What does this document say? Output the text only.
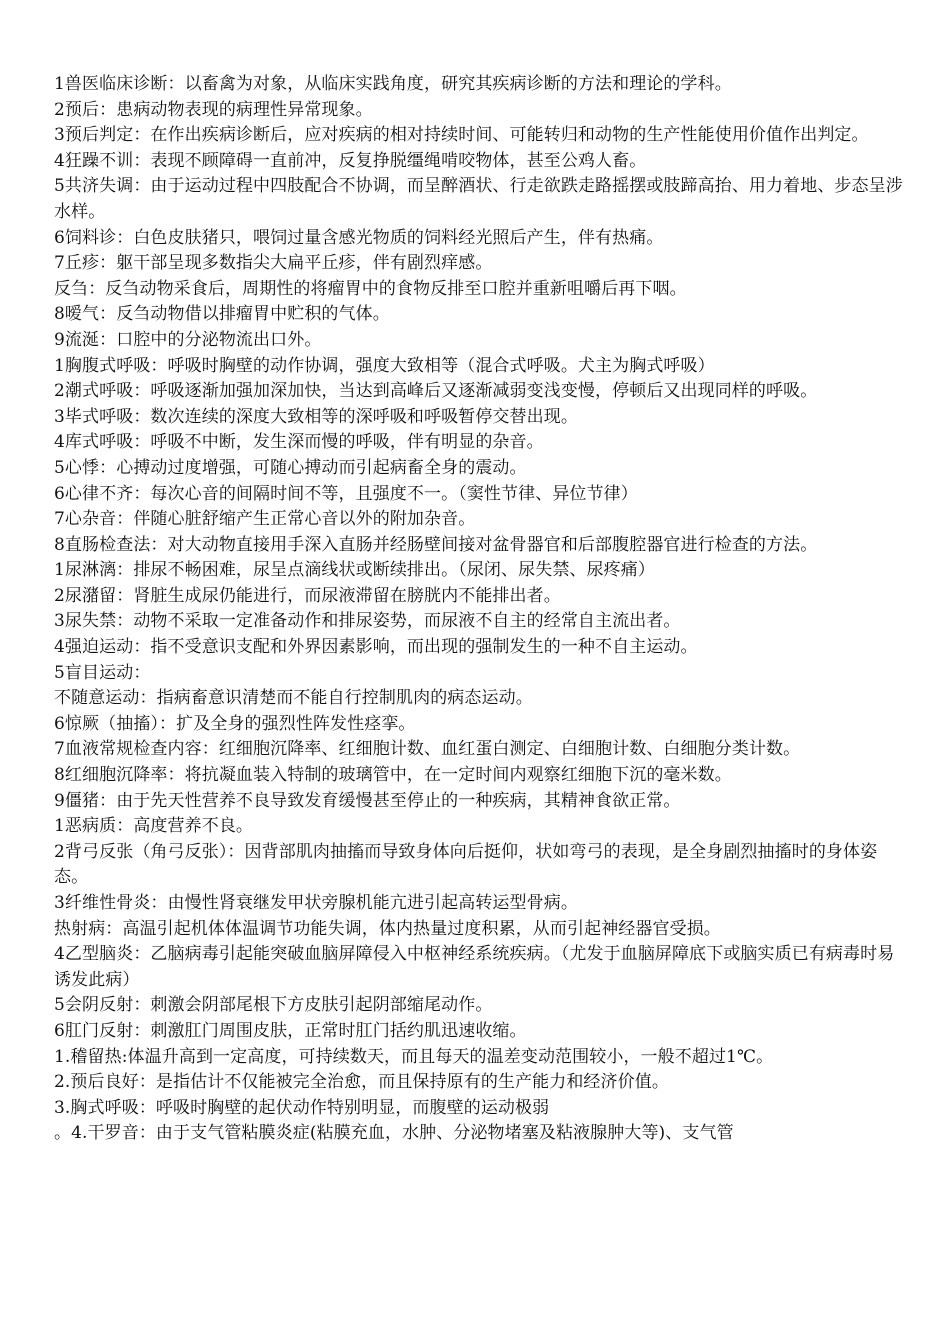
1兽医临床诊断：以畜禽为对象，从临床实践角度，研究其疾病诊断的方法和理论的学科。

2预后：患病动物表现的病理性异常现象。

3预后判定：在作出疾病诊断后，应对疾病的相对持续时间、可能转归和动物的生产性能使用价值作出判定。

4狂躁不训：表现不顾障碍一直前冲，反复挣脱缰绳啃咬物体，甚至公鸡人畜。

5共济失调：由于运动过程中四肢配合不协调，而呈醉酒状、行走欲跌走路摇摆或肢蹄高抬、用力着地、步态呈涉水样。

6饲料诊：白色皮肤猪只，喂饲过量含感光物质的饲料经光照后产生，伴有热痛。

7丘疹：躯干部呈现多数指尖大扁平丘疹，伴有剧烈痒感。

反刍：反刍动物采食后，周期性的将瘤胃中的食物反排至口腔并重新咀嚼后再下咽。

8嗳气：反刍动物借以排瘤胃中贮积的气体。

9流涎：口腔中的分泌物流出口外。

1胸腹式呼吸：呼吸时胸壁的动作协调，强度大致相等（混合式呼吸。犬主为胸式呼吸）

2潮式呼吸：呼吸逐渐加强加深加快，当达到高峰后又逐渐减弱变浅变慢，停顿后又出现同样的呼吸。

3毕式呼吸：数次连续的深度大致相等的深呼吸和呼吸暂停交替出现。

4库式呼吸：呼吸不中断，发生深而慢的呼吸，伴有明显的杂音。

5心悸：心搏动过度增强，可随心搏动而引起病畜全身的震动。

6心律不齐：每次心音的间隔时间不等，且强度不一。（窦性节律、异位节律）

7心杂音：伴随心脏舒缩产生正常心音以外的附加杂音。

8直肠检查法：对大动物直接用手深入直肠并经肠壁间接对盆骨器官和后部腹腔器官进行检查的方法。

1尿淋漓：排尿不畅困难，尿呈点滴线状或断续排出。（尿闭、尿失禁、尿疼痛）

2尿潴留：肾脏生成尿仍能进行，而尿液滞留在膀胱内不能排出者。

3尿失禁：动物不采取一定准备动作和排尿姿势，而尿液不自主的经常自主流出者。

4强迫运动：指不受意识支配和外界因素影响，而出现的强制发生的一种不自主运动。

5盲目运动：

不随意运动：指病畜意识清楚而不能自行控制肌肉的病态运动。

6惊厥（抽搐）：扩及全身的强烈性阵发性痉挛。

7血液常规检查内容：红细胞沉降率、红细胞计数、血红蛋白测定、白细胞计数、白细胞分类计数。

8红细胞沉降率：将抗凝血装入特制的玻璃管中，在一定时间内观察红细胞下沉的毫米数。

9僵猪：由于先天性营养不良导致发育缓慢甚至停止的一种疾病，其精神食欲正常。

1恶病质：高度营养不良。

2背弓反张（角弓反张）：因背部肌肉抽搐而导致身体向后挺仰，状如弯弓的表现，是全身剧烈抽搐时的身体姿态。

3纤维性骨炎：由慢性肾衰继发甲状旁腺机能亢进引起高转运型骨病。

热射病：高温引起机体体温调节功能失调，体内热量过度积累，从而引起神经器官受损。

4乙型脑炎：乙脑病毒引起能突破血脑屏障侵入中枢神经系统疾病。（尤发于血脑屏障底下或脑实质已有病毒时易诱发此病）

5会阴反射：刺激会阴部尾根下方皮肤引起阴部缩尾动作。

6肛门反射：刺激肛门周围皮肤，正常时肛门括约肌迅速收缩。

1.稽留热:体温升高到一定高度，可持续数天，而且每天的温差变动范围较小，一般不超过1℃。

2.预后良好：是指估计不仅能被完全治愈，而且保持原有的生产能力和经济价值。

3.胸式呼吸：呼吸时胸壁的起伏动作特别明显，而腹壁的运动极弱

。4.干罗音：由于支气管粘膜炎症(粘膜充血，水肿、分泌物堵塞及粘液腺肿大等)、支气管
